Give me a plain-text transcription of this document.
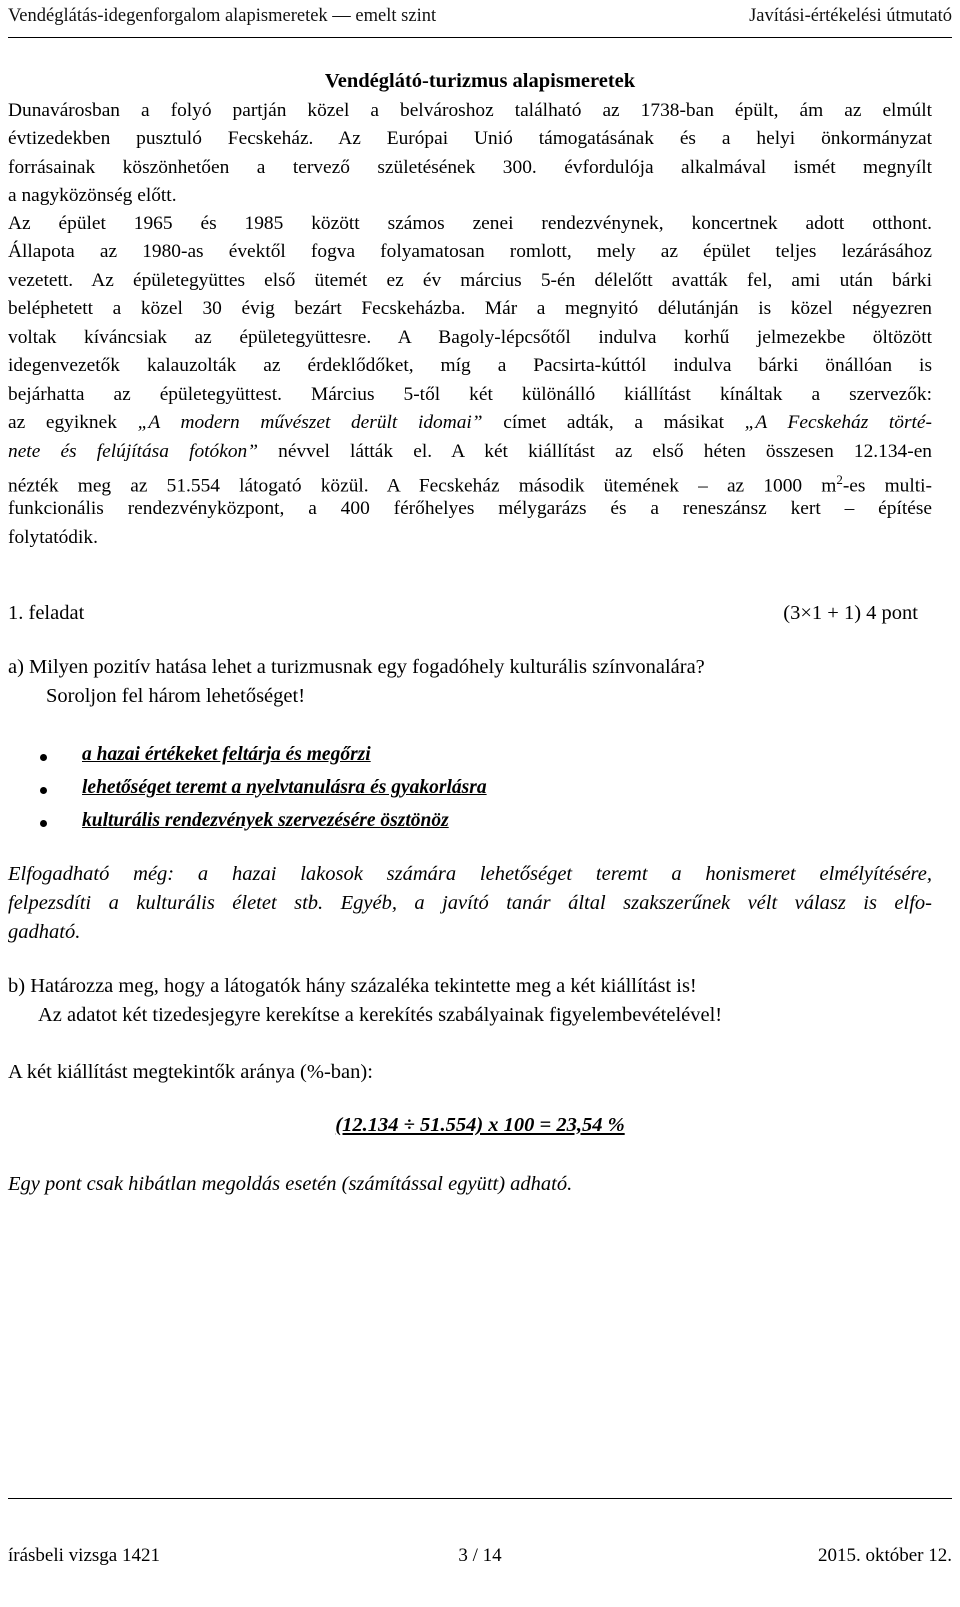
Vendéglátás-idegenforgalom alapismeretek — emelt szint	Javítási-értékelési útmutató
Vendéglátó-turizmus alapismeretek
Dunavárosban a folyó partján közel a belvároshoz található az 1738-ban épült, ám az elmúlt
évtizedekben pusztuló Fecskeház. Az Európai Unió támogatásának és a helyi önkormányzat
forrásainak köszönhetően a tervező születésének 300. évfordulója alkalmával ismét megnyílt
a nagyközönség előtt.
Az épület 1965 és 1985 között számos zenei rendezvénynek, koncertnek adott otthont.
Állapota az 1980-as évektől fogva folyamatosan romlott, mely az épület teljes lezárásához
vezetett. Az épületegyüttes első ütemét ez év március 5-én délelőtt avatták fel, ami után bárki
beléphetett a közel 30 évig bezárt Fecskeházba. Már a megnyitó délutánján is közel négyezren
voltak kíváncsiak az épületegyüttesre. A Bagoly-lépcsőtől indulva korhű jelmezekbe öltözött
idegenvezetők kalauzolták az érdeklődőket, míg a Pacsirta-kúttól indulva bárki önállóan is
bejárhatta az épületegyüttest. Március 5-től két különálló kiállítást kínáltak a szervezők:
az egyiknek „A modern művészet derült idomai” címet adták, a másikat „A Fecskeház törté-
nete és felújítása fotókon” névvel látták el. A két kiállítást az első héten összesen 12.134-en
nézték meg az 51.554 látogató közül. A Fecskeház második ütemének – az 1000 $m^2-es$ multi-
funkcionális rendezvényközpont, a 400 férőhelyes mélygarázs és a reneszánsz kert – építése
folytatódik.
1. feladat	(3×1 + 1) 4 pont
a) Milyen pozitív hatása lehet a turizmusnak egy fogadóhely kulturális színvonalára?
Soroljon fel három lehetőséget!
a hazai értékeket feltárja és megőrzi
lehetőséget teremt a nyelvtanulásra és gyakorlásra
kulturális rendezvények szervezésére ösztönöz
Elfogadható még: a hazai lakosok számára lehetőséget teremt a honismeret elmélyítésére,
felpezsdíti a kulturális életet stb. Egyéb, a javító tanár által szakszerűnek vélt válasz is elfo-
gadható.
b) Határozza meg, hogy a látogatók hány százaléka tekintette meg a két kiállítást is!
Az adatot két tizedesjegyre kerekítse a kerekítés szabályainak figyelembevételével!
A két kiállítást megtekintők aránya (%-ban):
(12.134 ÷ 51.554) x 100 = 23,54 %
Egy pont csak hibátlan megoldás esetén (számítással együtt) adható.
írásbeli vizsga 1421	3 / 14	2015. október 12.
